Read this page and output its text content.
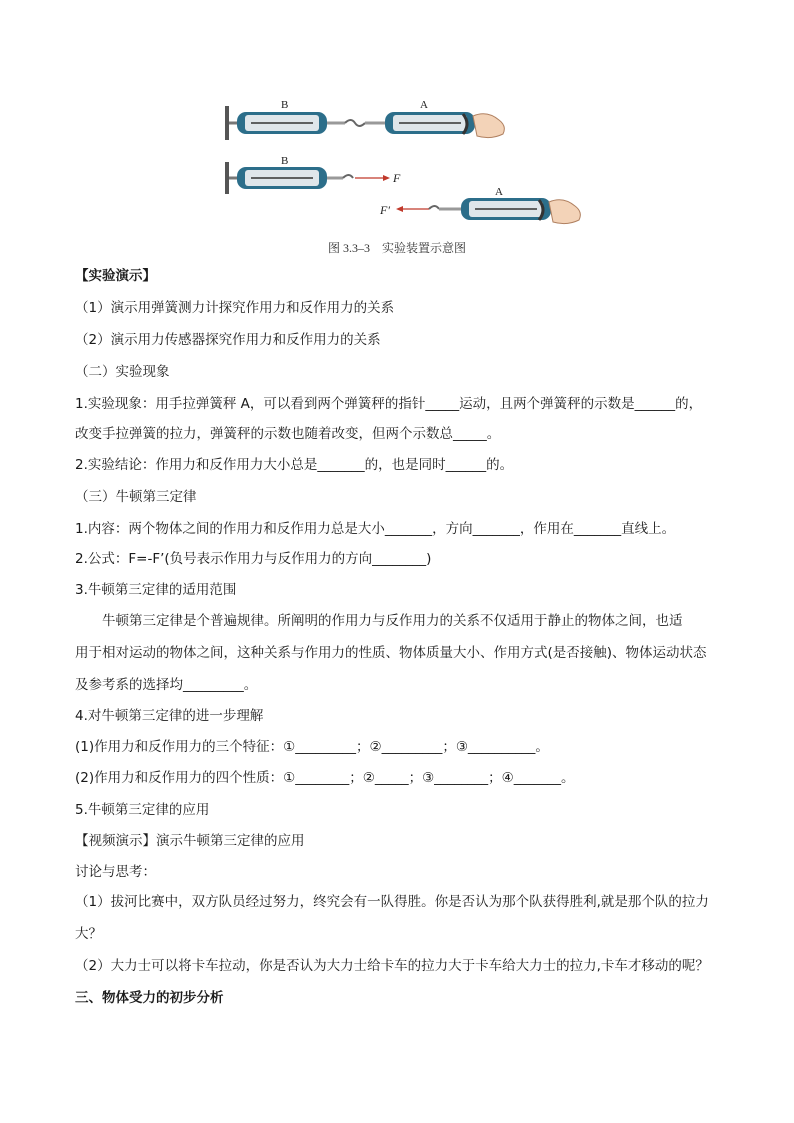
B	A
B
F
F′
A
图 3.3–3　实验装置示意图
【实验演示】
（1）演示用弹簧测力计探究作用力和反作用力的关系
（2）演示用力传感器探究作用力和反作用力的关系
（二）实验现象
1.实验现象：用手拉弹簧秤 A，可以看到两个弹簧秤的指针_____运动，且两个弹簧秤的示数是______的，
改变手拉弹簧的拉力，弹簧秤的示数也随着改变，但两个示数总_____。
2.实验结论：作用力和反作用力大小总是_______的，也是同时______的。
（三）牛顿第三定律
1.内容：两个物体之间的作用力和反作用力总是大小_______，方向_______，作用在_______直线上。
2.公式：F=-F’(负号表示作用力与反作用力的方向________)
3.牛顿第三定律的适用范围
　　牛顿第三定律是个普遍规律。所阐明的作用力与反作用力的关系不仅适用于静止的物体之间，也适
用于相对运动的物体之间，这种关系与作用力的性质、物体质量大小、作用方式(是否接触)、物体运动状态
及参考系的选择均_________。
4.对牛顿第三定律的进一步理解
(1)作用力和反作用力的三个特征：①_________；②_________；③__________。
(2)作用力和反作用力的四个性质：①________；②_____；③________；④_______。
5.牛顿第三定律的应用
【视频演示】演示牛顿第三定律的应用
讨论与思考：
（1）拔河比赛中，双方队员经过努力，终究会有一队得胜。你是否认为那个队获得胜利,就是那个队的拉力
大？
（2）大力士可以将卡车拉动，你是否认为大力士给卡车的拉力大于卡车给大力士的拉力,卡车才移动的呢？
三、物体受力的初步分析
